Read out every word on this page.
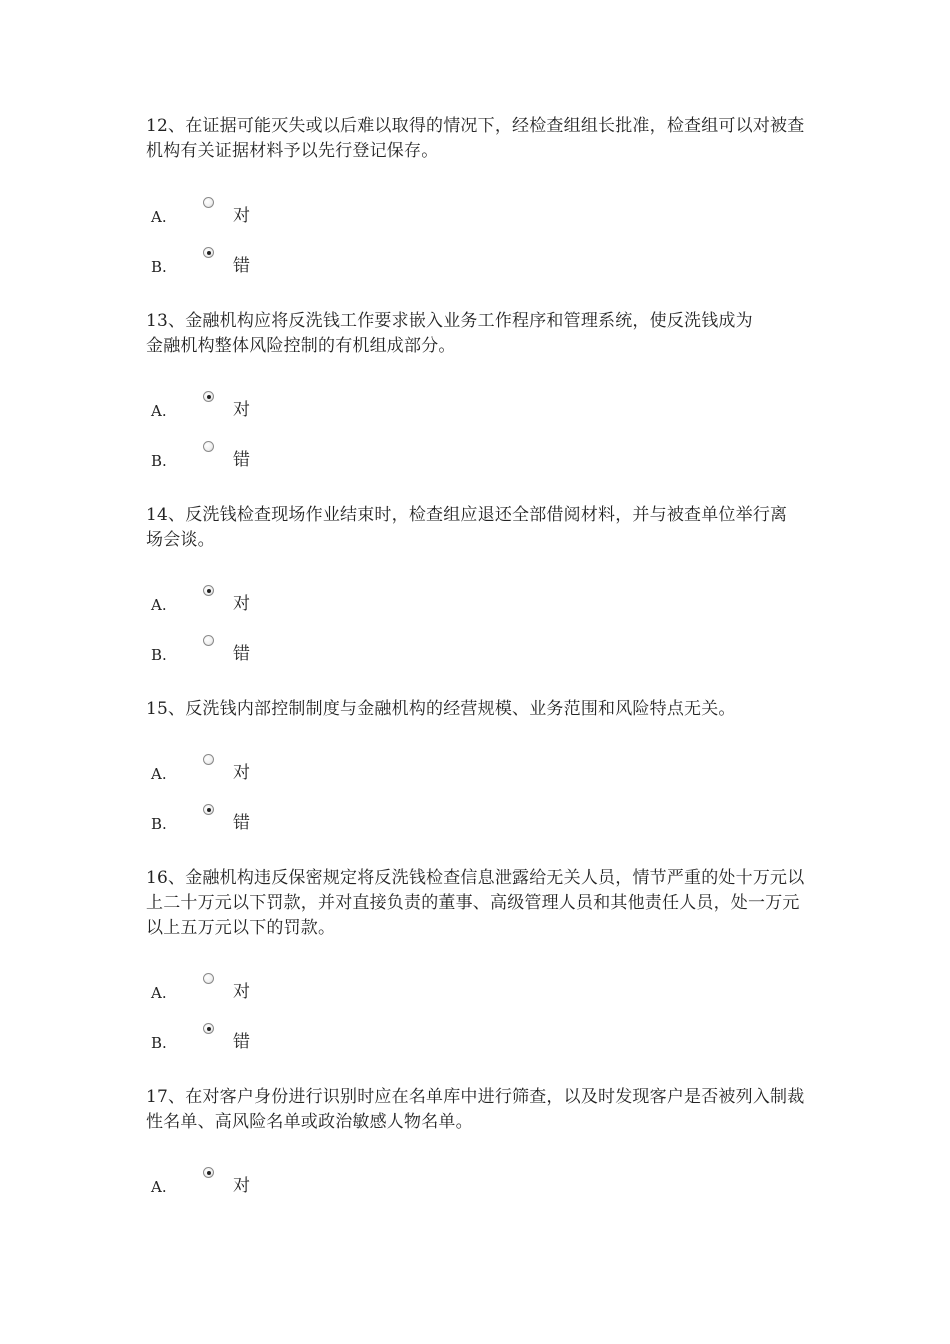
12、在证据可能灭失或以后难以取得的情况下，经检查组组长批准，检查组可以对被查机构有关证据材料予以先行登记保存。
A.	对
B.	错
13、金融机构应将反洗钱工作要求嵌入业务工作程序和管理系统，使反洗钱成为金融机构整体风险控制的有机组成部分。
A.	对
B.	错
14、反洗钱检查现场作业结束时，检查组应退还全部借阅材料，并与被查单位举行离场会谈。
A.	对
B.	错
15、反洗钱内部控制制度与金融机构的经营规模、业务范围和风险特点无关。
A.	对
B.	错
16、金融机构违反保密规定将反洗钱检查信息泄露给无关人员，情节严重的处十万元以上二十万元以下罚款，并对直接负责的董事、高级管理人员和其他责任人员，处一万元以上五万元以下的罚款。
A.	对
B.	错
17、在对客户身份进行识别时应在名单库中进行筛查，以及时发现客户是否被列入制裁性名单、高风险名单或政治敏感人物名单。
A.	对
